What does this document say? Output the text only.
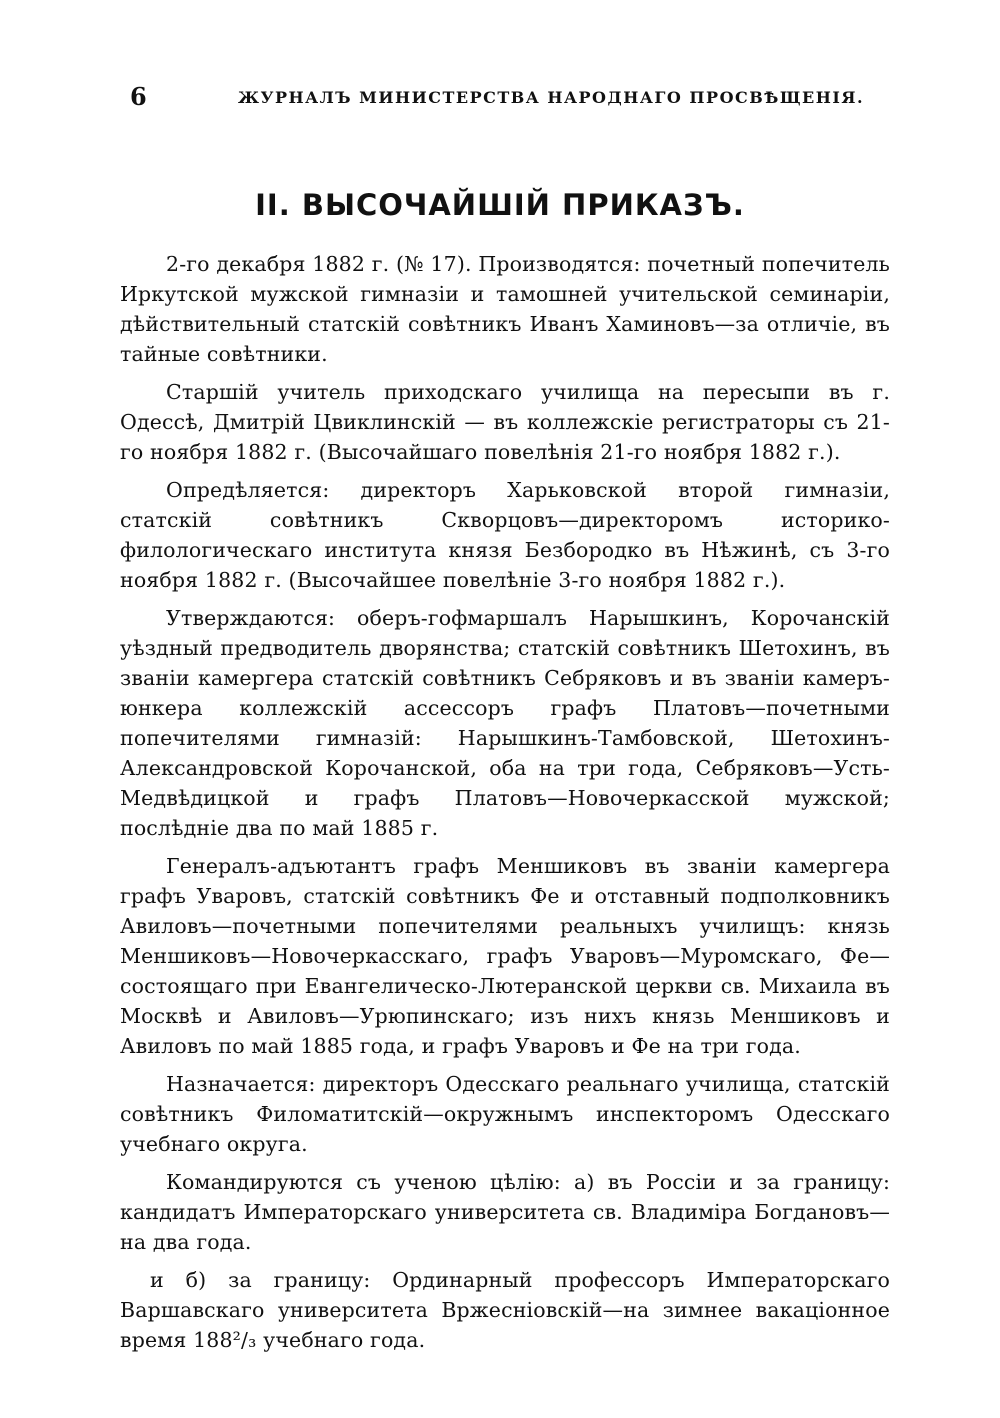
6	ЖУРНАЛЪ МИНИСТЕРСТВА НАРОДНАГО ПРОСВѢЩЕНІЯ.
II. ВЫСОЧАЙШІЙ ПРИКАЗЪ.

2-го декабря 1882 г. (№ 17). Производятся: почетный попечитель Иркутской мужской гимназіи и тамошней учительской семинаріи, дѣйствительный статскій совѣтникъ Иванъ Хаминовъ—за отличіе, въ тайные совѣтники.

Старшій учитель приходскаго училища на пересыпи въ г. Одессѣ, Дмитрій Цвиклинскій — въ коллежскіе регистраторы съ 21-го ноября 1882 г. (Высочайшаго повелѣнія 21-го ноября 1882 г.).

Опредѣляется: директоръ Харьковской второй гимназіи, статскій совѣтникъ Скворцовъ—директоромъ историко-филологическаго института князя Безбородко въ Нѣжинѣ, съ 3-го ноября 1882 г. (Высочайшее повелѣніе 3-го ноября 1882 г.).

Утверждаются: оберъ-гофмаршалъ Нарышкинъ, Корочанскій уѣздный предводитель дворянства; статскій совѣтникъ Шетохинъ, въ званіи камергера статскій совѣтникъ Себряковъ и въ званіи камеръ-юнкера коллежскій ассессоръ графъ Платовъ—почетными попечителями гимназій: Нарышкинъ-Тамбовской, Шетохинъ-Александровской Корочанской, оба на три года, Себряковъ—Усть-Медвѣдицкой и графъ Платовъ—Новочеркасской мужской; послѣдніе два по май 1885 г.

Генералъ-адъютантъ графъ Меншиковъ въ званіи камергера графъ Уваровъ, статскій совѣтникъ Фе и отставный подполковникъ Авиловъ—почетными попечителями реальныхъ училищъ: князь Меншиковъ—Новочеркасскаго, графъ Уваровъ—Муромскаго, Фе—состоящаго при Евангелическо-Лютеранской церкви св. Михаила въ Москвѣ и Авиловъ—Урюпинскаго; изъ нихъ князь Меншиковъ и Авиловъ по май 1885 года, и графъ Уваровъ и Фе на три года.

Назначается: директоръ Одесскаго реальнаго училища, статскій совѣтникъ Филоматитскій—окружнымъ инспекторомъ Одесскаго учебнаго округа.

Командируются съ ученою цѣлію: а) въ Россіи и за границу: кандидатъ Императорскаго университета св. Владиміра Богдановъ—на два года.

и б) за границу: Ординарный профессоръ Императорскаго Варшавскаго университета Вржесніовскій—на зимнее вакаціонное время 188²/₃ учебнаго года.
